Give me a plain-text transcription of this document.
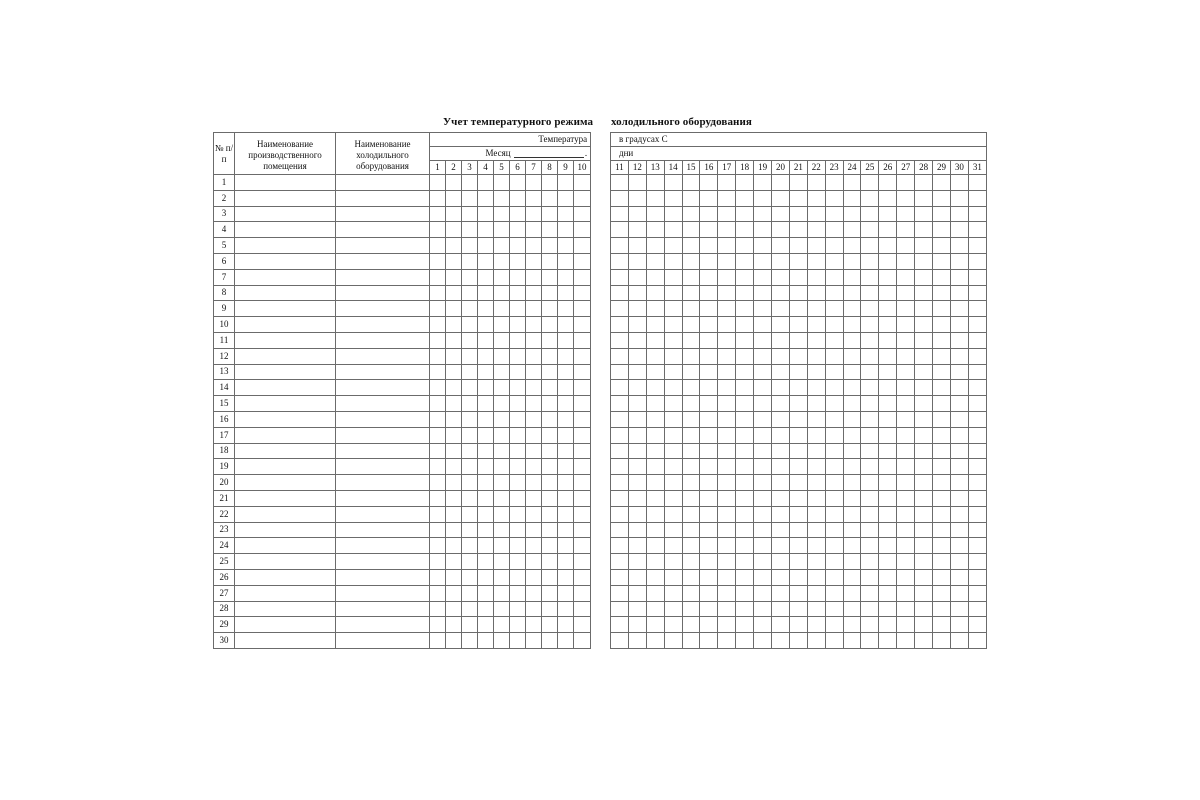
Учет температурного режима холодильного оборудования
№ п/п	Наименование производственного помещения	Наименование холодильного оборудования	Температура									
			Месяц .									
			1	2	3	4	5	6	7	8	9	10
1												
2												
3												
4												
5												
6												
7												
8												
9												
10												
11												
12												
13												
14												
15												
16												
17												
18												
19												
20												
21												
22												
23												
24												
25												
26												
27												
28												
29												
30												
в градусах С																				
дни																				
11	12	13	14	15	16	17	18	19	20	21	22	23	24	25	26	27	28	29	30	31
